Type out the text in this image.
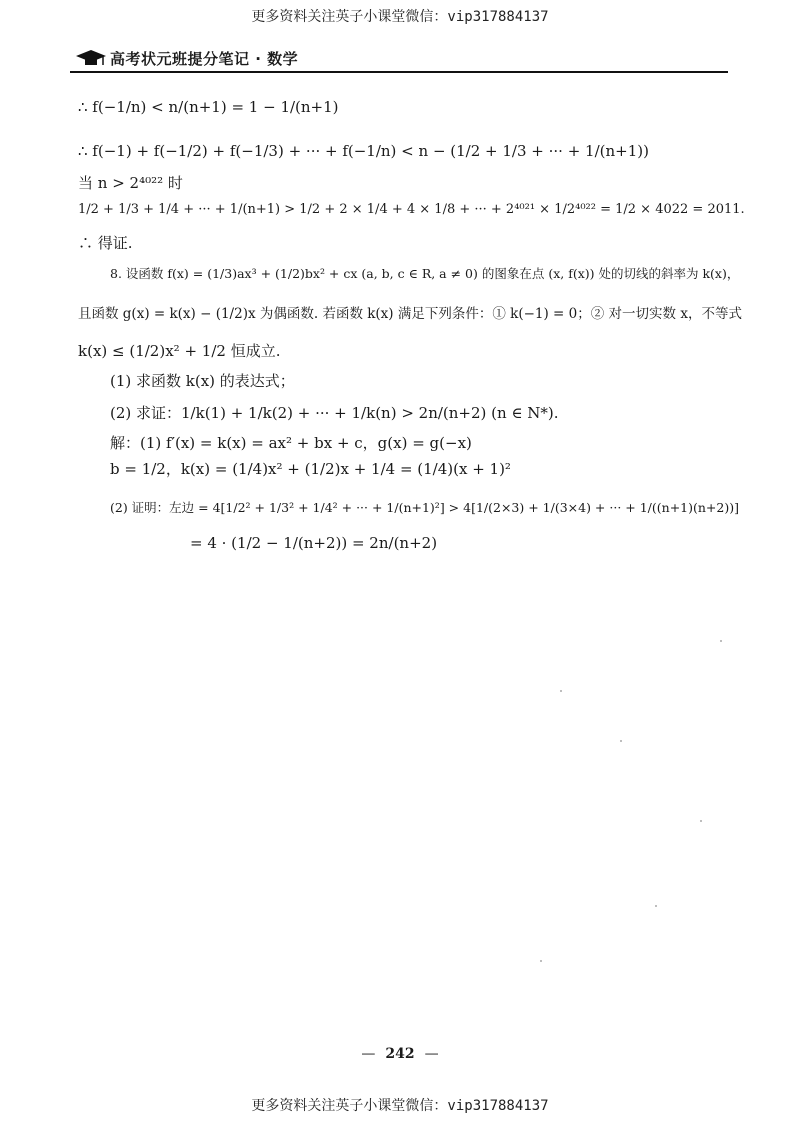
更多资料关注英子小课堂微信：vip317884137
高考状元班提分笔记 · 数学
∴ f(−1/n) < n/(n+1) = 1 − 1/(n+1)
∴ f(−1) + f(−1/2) + f(−1/3) + ··· + f(−1/n) < n − (1/2 + 1/3 + ··· + 1/(n+1))
当 n > 2⁴⁰²² 时
1/2 + 1/3 + 1/4 + ··· + 1/(n+1) > 1/2 + 2 × 1/4 + 4 × 1/8 + ··· + 2⁴⁰²¹ × 1/2⁴⁰²² = 1/2 × 4022 = 2011.
∴ 得证.
8. 设函数 f(x) = (1/3)ax³ + (1/2)bx² + cx (a, b, c ∈ R, a ≠ 0) 的图象在点 (x, f(x)) 处的切线的斜率为 k(x)，
且函数 g(x) = k(x) − (1/2)x 为偶函数. 若函数 k(x) 满足下列条件：① k(−1) = 0；② 对一切实数 x，不等式
k(x) ≤ (1/2)x² + 1/2 恒成立.
(1) 求函数 k(x) 的表达式；
(2) 求证：1/k(1) + 1/k(2) + ··· + 1/k(n) > 2n/(n+2) (n ∈ N*).
解：(1) f′(x) = k(x) = ax² + bx + c，g(x) = g(−x)
b = 1/2，k(x) = (1/4)x² + (1/2)x + 1/4 = (1/4)(x + 1)²
(2) 证明：左边 = 4[1/2² + 1/3² + 1/4² + ··· + 1/(n+1)²] > 4[1/(2×3) + 1/(3×4) + ··· + 1/((n+1)(n+2))]
= 4 · (1/2 − 1/(n+2)) = 2n/(n+2)
— 242 —
更多资料关注英子小课堂微信：vip317884137
